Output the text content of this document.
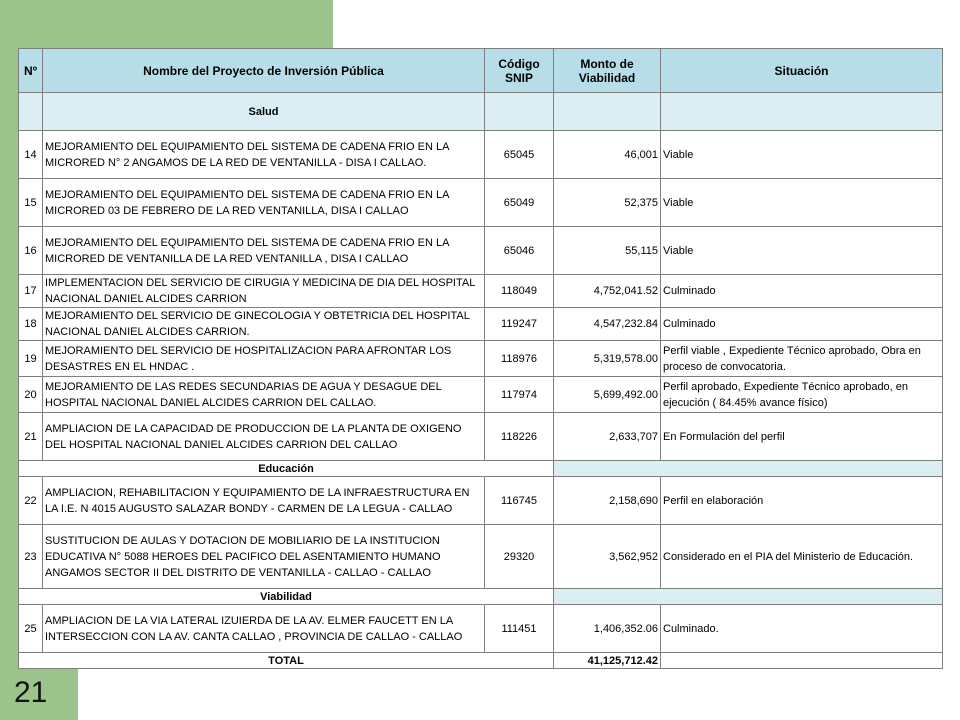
Nº	Nombre del Proyecto de Inversión Pública	Código SNIP	Monto de Viabilidad	Situación
	Salud			
14	MEJORAMIENTO DEL EQUIPAMIENTO DEL SISTEMA DE CADENA FRIO EN LA MICRORED N° 2 ANGAMOS DE LA RED DE VENTANILLA - DISA I CALLAO.	65045	46,001	Viable
15	MEJORAMIENTO DEL EQUIPAMIENTO DEL SISTEMA DE CADENA FRIO EN LA MICRORED 03 DE FEBRERO DE LA RED VENTANILLA, DISA I CALLAO	65049	52,375	Viable
16	MEJORAMIENTO DEL EQUIPAMIENTO DEL SISTEMA DE CADENA FRIO EN LA MICRORED DE VENTANILLA DE LA RED VENTANILLA , DISA I CALLAO	65046	55,115	Viable
17	IMPLEMENTACION DEL SERVICIO DE CIRUGIA Y MEDICINA DE DIA DEL HOSPITAL NACIONAL DANIEL ALCIDES CARRION	118049	4,752,041.52	Culminado
18	MEJORAMIENTO DEL SERVICIO DE GINECOLOGIA Y OBTETRICIA DEL HOSPITAL NACIONAL DANIEL ALCIDES CARRION.	119247	4,547,232.84	Culminado
19	MEJORAMIENTO DEL SERVICIO DE HOSPITALIZACION PARA AFRONTAR LOS DESASTRES EN EL HNDAC .	118976	5,319,578.00	Perfil viable , Expediente Técnico aprobado, Obra en proceso de convocatoria.
20	MEJORAMIENTO DE LAS REDES SECUNDARIAS DE AGUA Y DESAGUE DEL HOSPITAL NACIONAL DANIEL ALCIDES CARRION DEL CALLAO.	117974	5,699,492.00	Perfil aprobado, Expediente Técnico aprobado, en ejecución ( 84.45% avance físico)
21	AMPLIACION DE LA CAPACIDAD DE PRODUCCION DE LA PLANTA DE OXIGENO DEL HOSPITAL NACIONAL DANIEL ALCIDES CARRION DEL CALLAO	118226	2,633,707	En Formulación del perfil
Educación				
22	AMPLIACION, REHABILITACION Y EQUIPAMIENTO DE LA INFRAESTRUCTURA EN LA I.E. N 4015 AUGUSTO SALAZAR BONDY - CARMEN DE LA LEGUA - CALLAO	116745	2,158,690	Perfil en elaboración
23	SUSTITUCION DE AULAS Y DOTACION DE MOBILIARIO DE LA INSTITUCION EDUCATIVA N° 5088 HEROES DEL PACIFICO DEL ASENTAMIENTO HUMANO ANGAMOS SECTOR II DEL DISTRITO DE VENTANILLA - CALLAO - CALLAO	29320	3,562,952	Considerado en el PIA del Ministerio de Educación.
Viabilidad				
25	AMPLIACION DE LA VIA LATERAL IZUIERDA DE LA AV. ELMER FAUCETT EN LA INTERSECCION CON LA AV. CANTA CALLAO , PROVINCIA DE CALLAO - CALLAO	111451	1,406,352.06	Culminado.
TOTAL			41,125,712.42	
21
